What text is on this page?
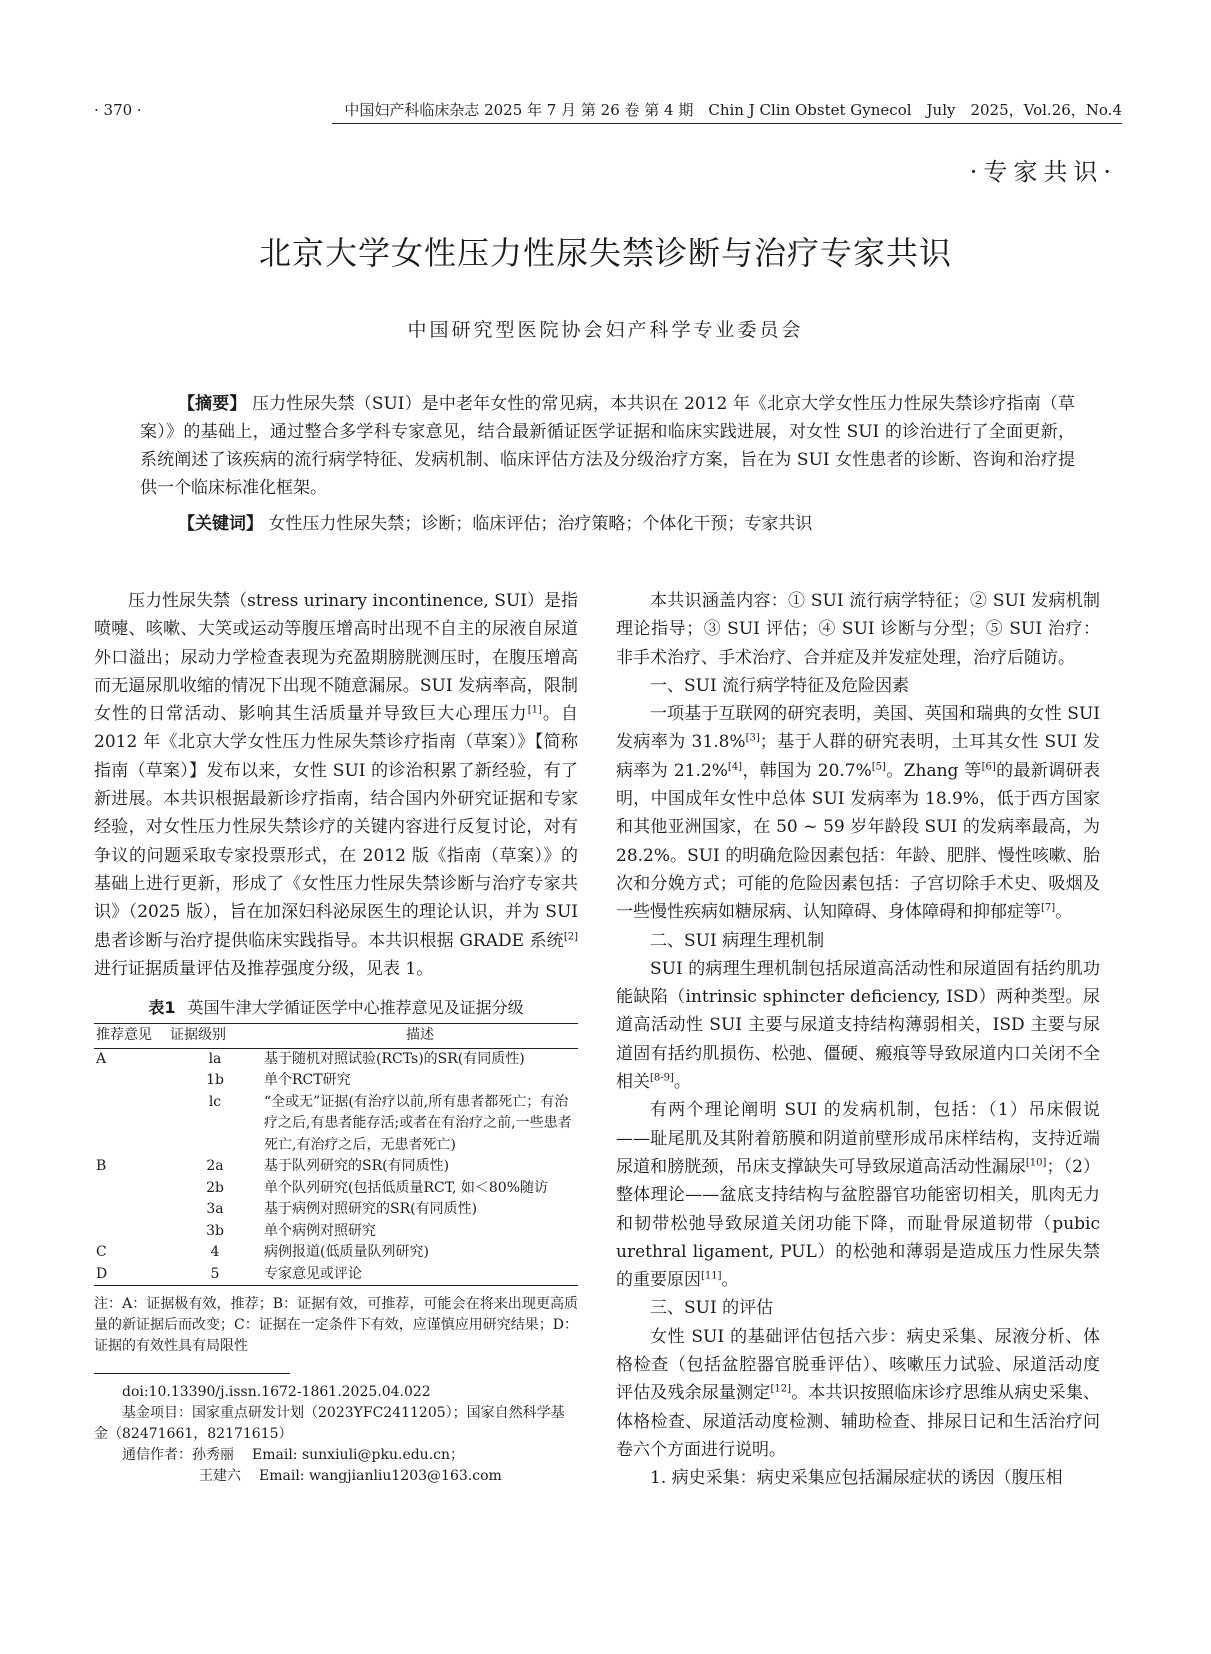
· 370 ·	中国妇产科临床杂志 2025 年 7 月 第 26 卷 第 4 期　Chin J Clin Obstet Gynecol　July　2025，Vol.26，No.4
·专家共识·
北京大学女性压力性尿失禁诊断与治疗专家共识
中国研究型医院协会妇产科学专业委员会
【摘要】 压力性尿失禁（SUI）是中老年女性的常见病，本共识在 2012 年《北京大学女性压力性尿失禁诊疗指南（草案）》的基础上，通过整合多学科专家意见，结合最新循证医学证据和临床实践进展，对女性 SUI 的诊治进行了全面更新，系统阐述了该疾病的流行病学特征、发病机制、临床评估方法及分级治疗方案，旨在为 SUI 女性患者的诊断、咨询和治疗提供一个临床标准化框架。
【关键词】 女性压力性尿失禁；诊断；临床评估；治疗策略；个体化干预；专家共识

压力性尿失禁（stress urinary incontinence, SUI）是指喷嚏、咳嗽、大笑或运动等腹压增高时出现不自主的尿液自尿道外口溢出；尿动力学检查表现为充盈期膀胱测压时，在腹压增高而无逼尿肌收缩的情况下出现不随意漏尿。SUI 发病率高，限制女性的日常活动、影响其生活质量并导致巨大心理压力[1]。自 2012 年《北京大学女性压力性尿失禁诊疗指南（草案）》【简称指南（草案）】发布以来，女性 SUI 的诊治积累了新经验，有了新进展。本共识根据最新诊疗指南，结合国内外研究证据和专家经验，对女性压力性尿失禁诊疗的关键内容进行反复讨论，对有争议的问题采取专家投票形式，在 2012 版《指南（草案）》的基础上进行更新，形成了《女性压力性尿失禁诊断与治疗专家共识》（2025 版），旨在加深妇科泌尿医生的理论认识，并为 SUI 患者诊断与治疗提供临床实践指导。本共识根据 GRADE 系统[2]进行证据质量评估及推荐强度分级，见表 1。

表1 英国牛津大学循证医学中心推荐意见及证据分级
推荐意见	证据级别	描述
A	la	基于随机对照试验(RCTs)的SR(有同质性)
	1b	单个RCT研究
	lc	“全或无”证据(有治疗以前,所有患者都死亡；有治疗之后,有患者能存活;或者在有治疗之前,一些患者死亡,有治疗之后，无患者死亡)
B	2a	基于队列研究的SR(有同质性)
	2b	单个队列研究(包括低质量RCT, 如＜80%随访
	3a	基于病例对照研究的SR(有同质性)
	3b	单个病例对照研究
C	4	病例报道(低质量队列研究)
D	5	专家意见或评论
注：A：证据极有效，推荐；B：证据有效，可推荐，可能会在将来出现更高质量的新证据后而改变；C：证据在一定条件下有效，应谨慎应用研究结果；D：证据的有效性具有局限性
doi:10.13390/j.issn.1672-1861.2025.04.022
基金项目：国家重点研发计划（2023YFC2411205）；国家自然科学基金（82471661，82171615）
通信作者：孙秀丽 Email: sunxiuli@pku.edu.cn；
王建六 Email: wangjianliu1203@163.com

本共识涵盖内容：① SUI 流行病学特征；② SUI 发病机制理论指导；③ SUI 评估；④ SUI 诊断与分型；⑤ SUI 治疗：非手术治疗、手术治疗、合并症及并发症处理，治疗后随访。

一、SUI 流行病学特征及危险因素

一项基于互联网的研究表明，美国、英国和瑞典的女性 SUI 发病率为 31.8%[3]；基于人群的研究表明，土耳其女性 SUI 发病率为 21.2%[4]，韩国为 20.7%[5]。Zhang 等[6]的最新调研表明，中国成年女性中总体 SUI 发病率为 18.9%，低于西方国家和其他亚洲国家，在 50 ~ 59 岁年龄段 SUI 的发病率最高，为 28.2%。SUI 的明确危险因素包括：年龄、肥胖、慢性咳嗽、胎次和分娩方式；可能的危险因素包括：子宫切除手术史、吸烟及一些慢性疾病如糖尿病、认知障碍、身体障碍和抑郁症等[7]。

二、SUI 病理生理机制

SUI 的病理生理机制包括尿道高活动性和尿道固有括约肌功能缺陷（intrinsic sphincter deficiency, ISD）两种类型。尿道高活动性 SUI 主要与尿道支持结构薄弱相关，ISD 主要与尿道固有括约肌损伤、松弛、僵硬、瘢痕等导致尿道内口关闭不全相关[8-9]。

有两个理论阐明 SUI 的发病机制，包括：（1）吊床假说——耻尾肌及其附着筋膜和阴道前壁形成吊床样结构，支持近端尿道和膀胱颈，吊床支撑缺失可导致尿道高活动性漏尿[10]；（2）整体理论——盆底支持结构与盆腔器官功能密切相关，肌肉无力和韧带松弛导致尿道关闭功能下降，而耻骨尿道韧带（pubic urethral ligament, PUL）的松弛和薄弱是造成压力性尿失禁的重要原因[11]。

三、SUI 的评估

女性 SUI 的基础评估包括六步：病史采集、尿液分析、体格检查（包括盆腔器官脱垂评估）、咳嗽压力试验、尿道活动度评估及残余尿量测定[12]。本共识按照临床诊疗思维从病史采集、体格检查、尿道活动度检测、辅助检查、排尿日记和生活治疗问卷六个方面进行说明。

1. 病史采集：病史采集应包括漏尿症状的诱因（腹压相
